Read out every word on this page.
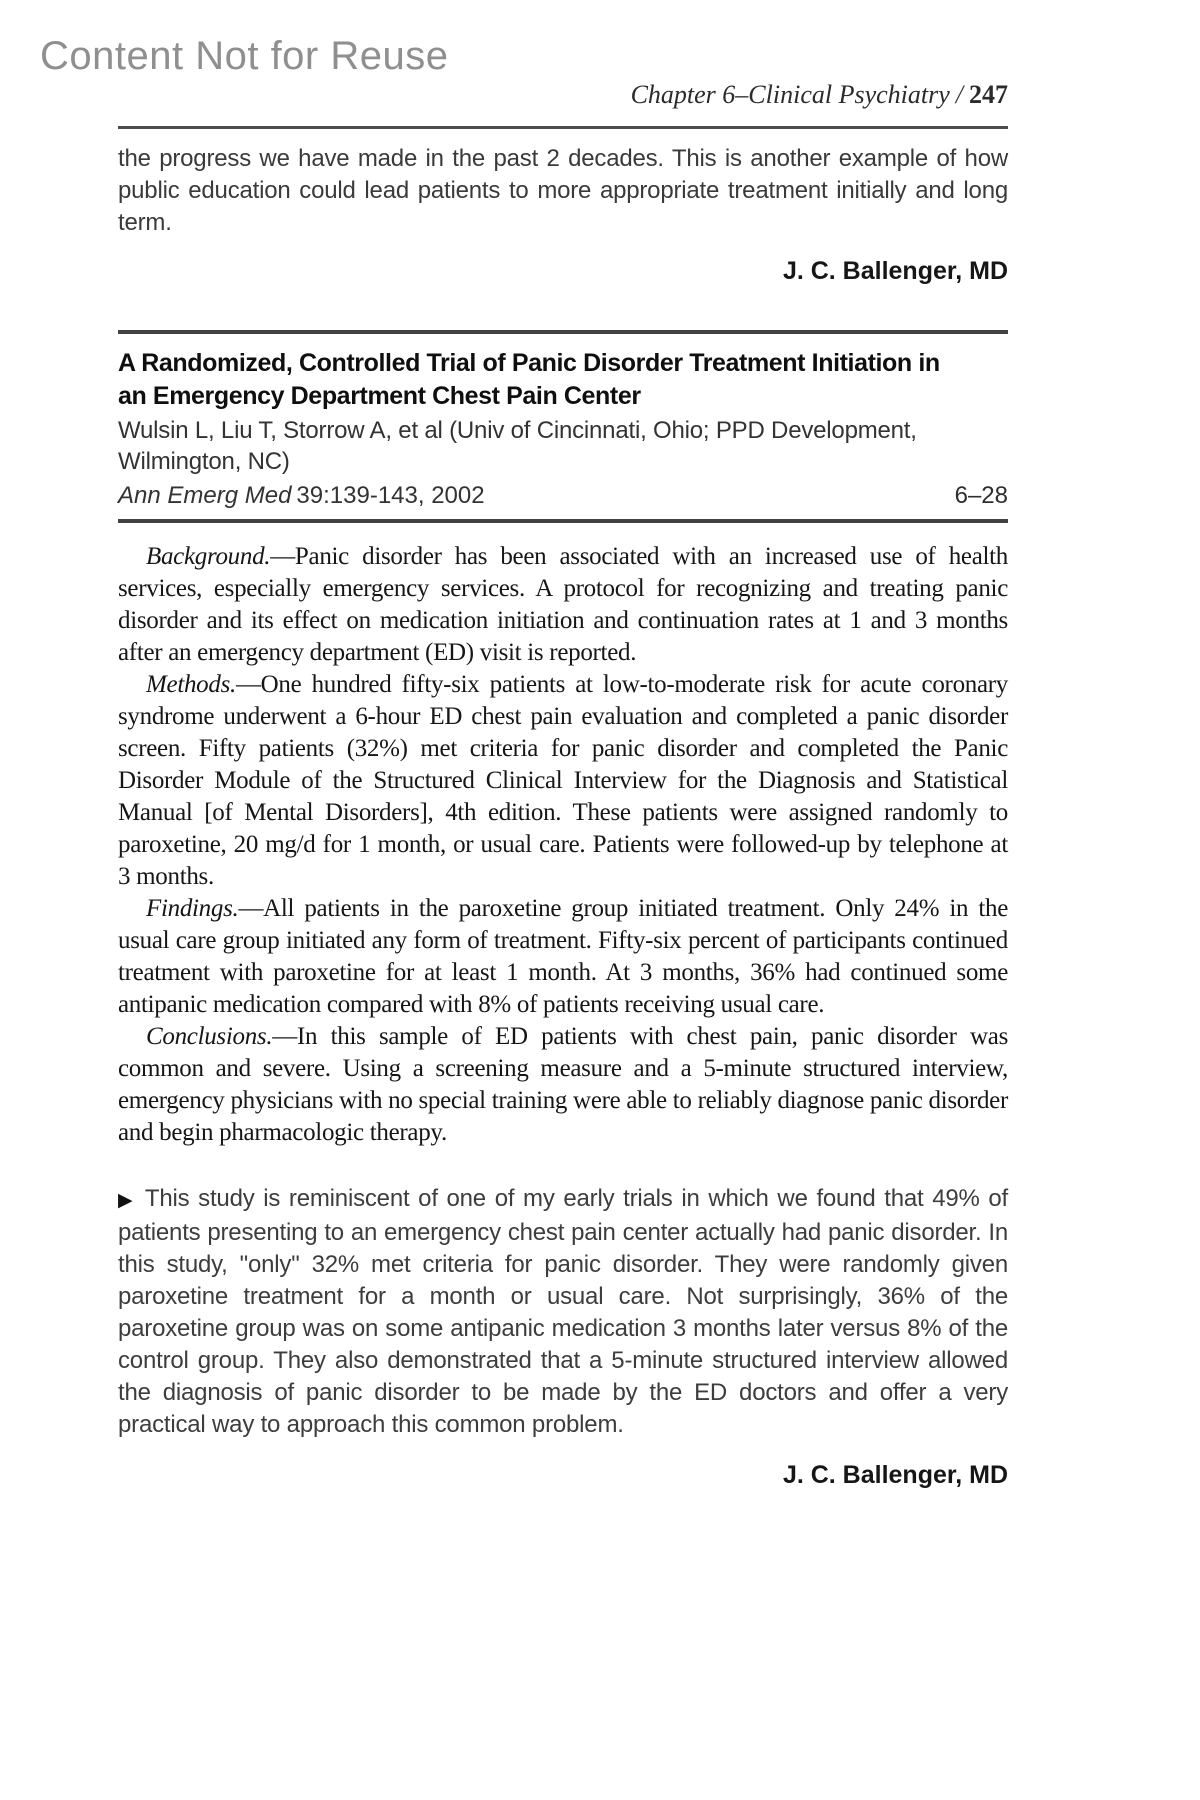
Content Not for Reuse
Chapter 6–Clinical Psychiatry / 247

the progress we have made in the past 2 decades. This is another example of how public education could lead patients to more appropriate treatment initially and long term.

J. C. Ballenger, MD
A Randomized, Controlled Trial of Panic Disorder Treatment Initiation in
an Emergency Department Chest Pain Center
Wulsin L, Liu T, Storrow A, et al (Univ of Cincinnati, Ohio; PPD Development,
Wilmington, NC)
Ann Emerg Med 39:139-143, 2002	6–28

Background.—Panic disorder has been associated with an increased use of health services, especially emergency services. A protocol for recognizing and treating panic disorder and its effect on medication initiation and continuation rates at 1 and 3 months after an emergency department (ED) visit is reported.

Methods.—One hundred fifty-six patients at low-to-moderate risk for acute coronary syndrome underwent a 6-hour ED chest pain evaluation and completed a panic disorder screen. Fifty patients (32%) met criteria for panic disorder and completed the Panic Disorder Module of the Structured Clinical Interview for the Diagnosis and Statistical Manual [of Mental Disorders], 4th edition. These patients were assigned randomly to paroxetine, 20 mg/d for 1 month, or usual care. Patients were followed-up by telephone at 3 months.

Findings.—All patients in the paroxetine group initiated treatment. Only 24% in the usual care group initiated any form of treatment. Fifty-six percent of participants continued treatment with paroxetine for at least 1 month. At 3 months, 36% had continued some antipanic medication compared with 8% of patients receiving usual care.

Conclusions.—In this sample of ED patients with chest pain, panic disorder was common and severe. Using a screening measure and a 5-minute structured interview, emergency physicians with no special training were able to reliably diagnose panic disorder and begin pharmacologic therapy.

▶ This study is reminiscent of one of my early trials in which we found that 49% of patients presenting to an emergency chest pain center actually had panic disorder. In this study, "only" 32% met criteria for panic disorder. They were randomly given paroxetine treatment for a month or usual care. Not surprisingly, 36% of the paroxetine group was on some antipanic medication 3 months later versus 8% of the control group. They also demonstrated that a 5-minute structured interview allowed the diagnosis of panic disorder to be made by the ED doctors and offer a very practical way to approach this common problem.

J. C. Ballenger, MD
